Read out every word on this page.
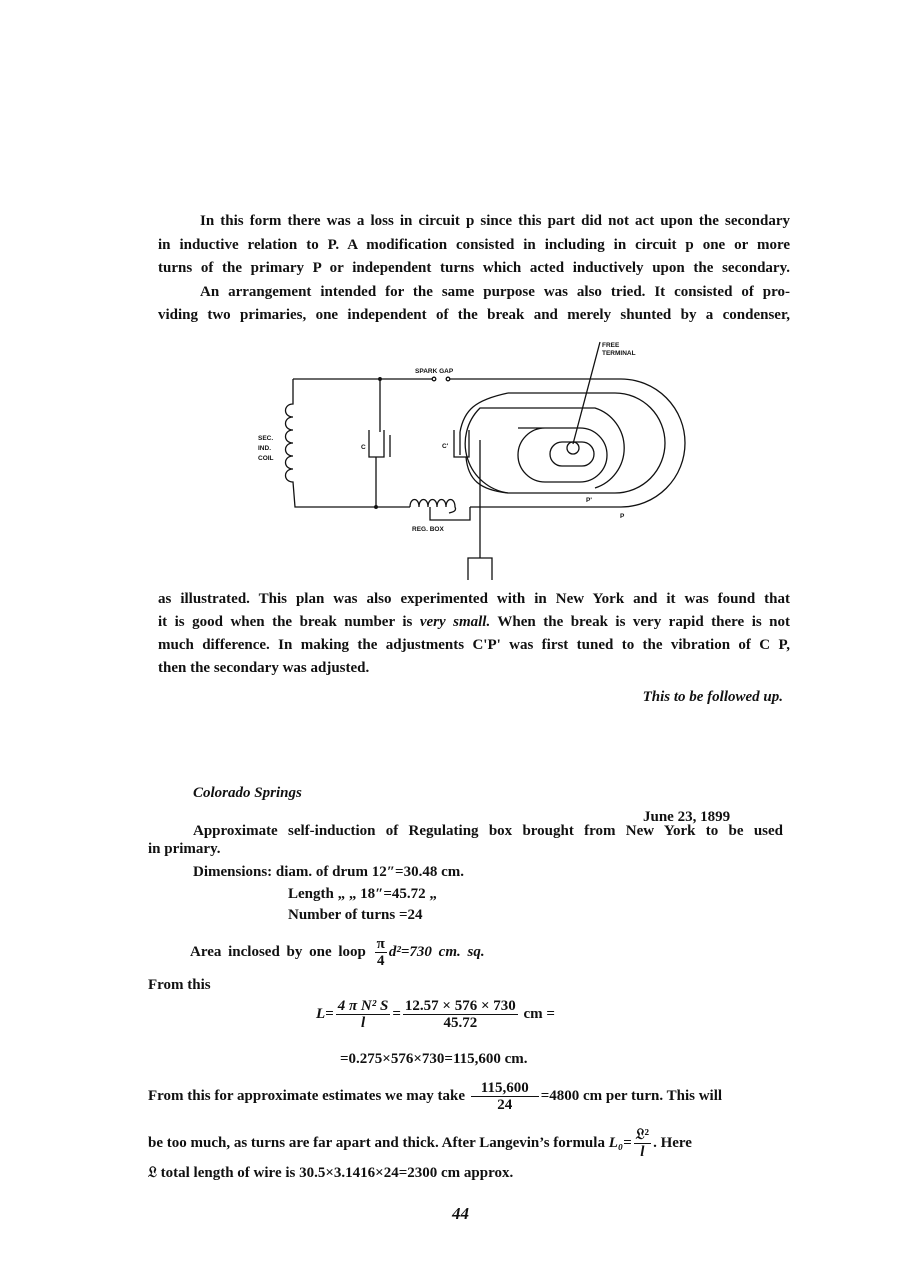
In this form there was a loss in circuit p since this part did not act upon the secondary
in inductive relation to P. A modification consisted in including in circuit p one or more
turns of the primary P or independent turns which acted inductively upon the secondary.
An arrangement intended for the same purpose was also tried. It consisted of pro-
viding two primaries, one independent of the break and merely shunted by a condenser,
FREE
TERMINAL
SPARK GAP
SEC.
IND.
COIL
C	C'
REG. BOX
P'
P
as illustrated. This plan was also experimented with in New York and it was found that
it is good when the break number is very small. When the break is very rapid there is not
much difference. In making the adjustments C'P' was first tuned to the vibration of C P,
then the secondary was adjusted.
This to be followed up.
Colorado Springs
June 23, 1899
Approximate self-induction of Regulating box brought from New York to be used
in primary.
Dimensions: diam. of drum 12″=30.48 cm.
Length „ „ 18″=45.72 „
Number of turns =24
Area inclosed by one loop $\frac{\pi}{4} d^2=730$ cm. sq.
From this
$L= \frac{\text{4 π N² S}}{l} = \frac{12.57 \times 576 \times 730}{45.72}$ cm =
=0.275×576×730=115,600 cm.
From this for approximate estimates we may take $\frac{115,600}{24} =4800$ cm per turn. This will
be too much, as turns are far apart and thick. After Langevin’s formula $L_0= \frac{\text{𝔏²}}{l}$ . Here
𝔏 total length of wire is 30.5×3.1416×24=2300 cm approx.
44
